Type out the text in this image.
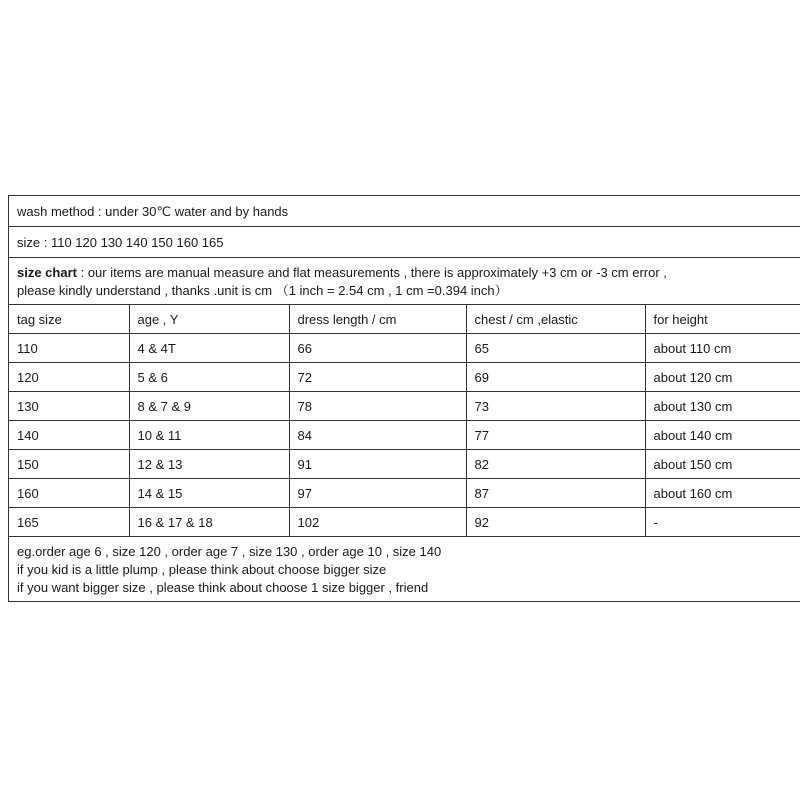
wash method : under 30℃ water and by hands
size : 110 120 130 140 150 160 165
size chart : our items are manual measure and flat measurements , there is approximately +3 cm or -3 cm error ,
please kindly understand , thanks .unit is cm （1 inch = 2.54 cm , 1 cm =0.394 inch）
tag size	age , Y	dress length / cm	chest / cm ,elastic	for height
110	4 & 4T	66	65	about 110 cm
120	5 & 6	72	69	about 120 cm
130	8 & 7 & 9	78	73	about 130 cm
140	10 & 11	84	77	about 140 cm
150	12 & 13	91	82	about 150 cm
160	14 & 15	97	87	about 160 cm
165	16 & 17 & 18	102	92	-
eg.order age 6 , size 120 , order age 7 , size 130 , order age 10 , size 140
if you kid is a little plump , please think about choose bigger size
if you want bigger size , please think about choose 1 size bigger , friend
